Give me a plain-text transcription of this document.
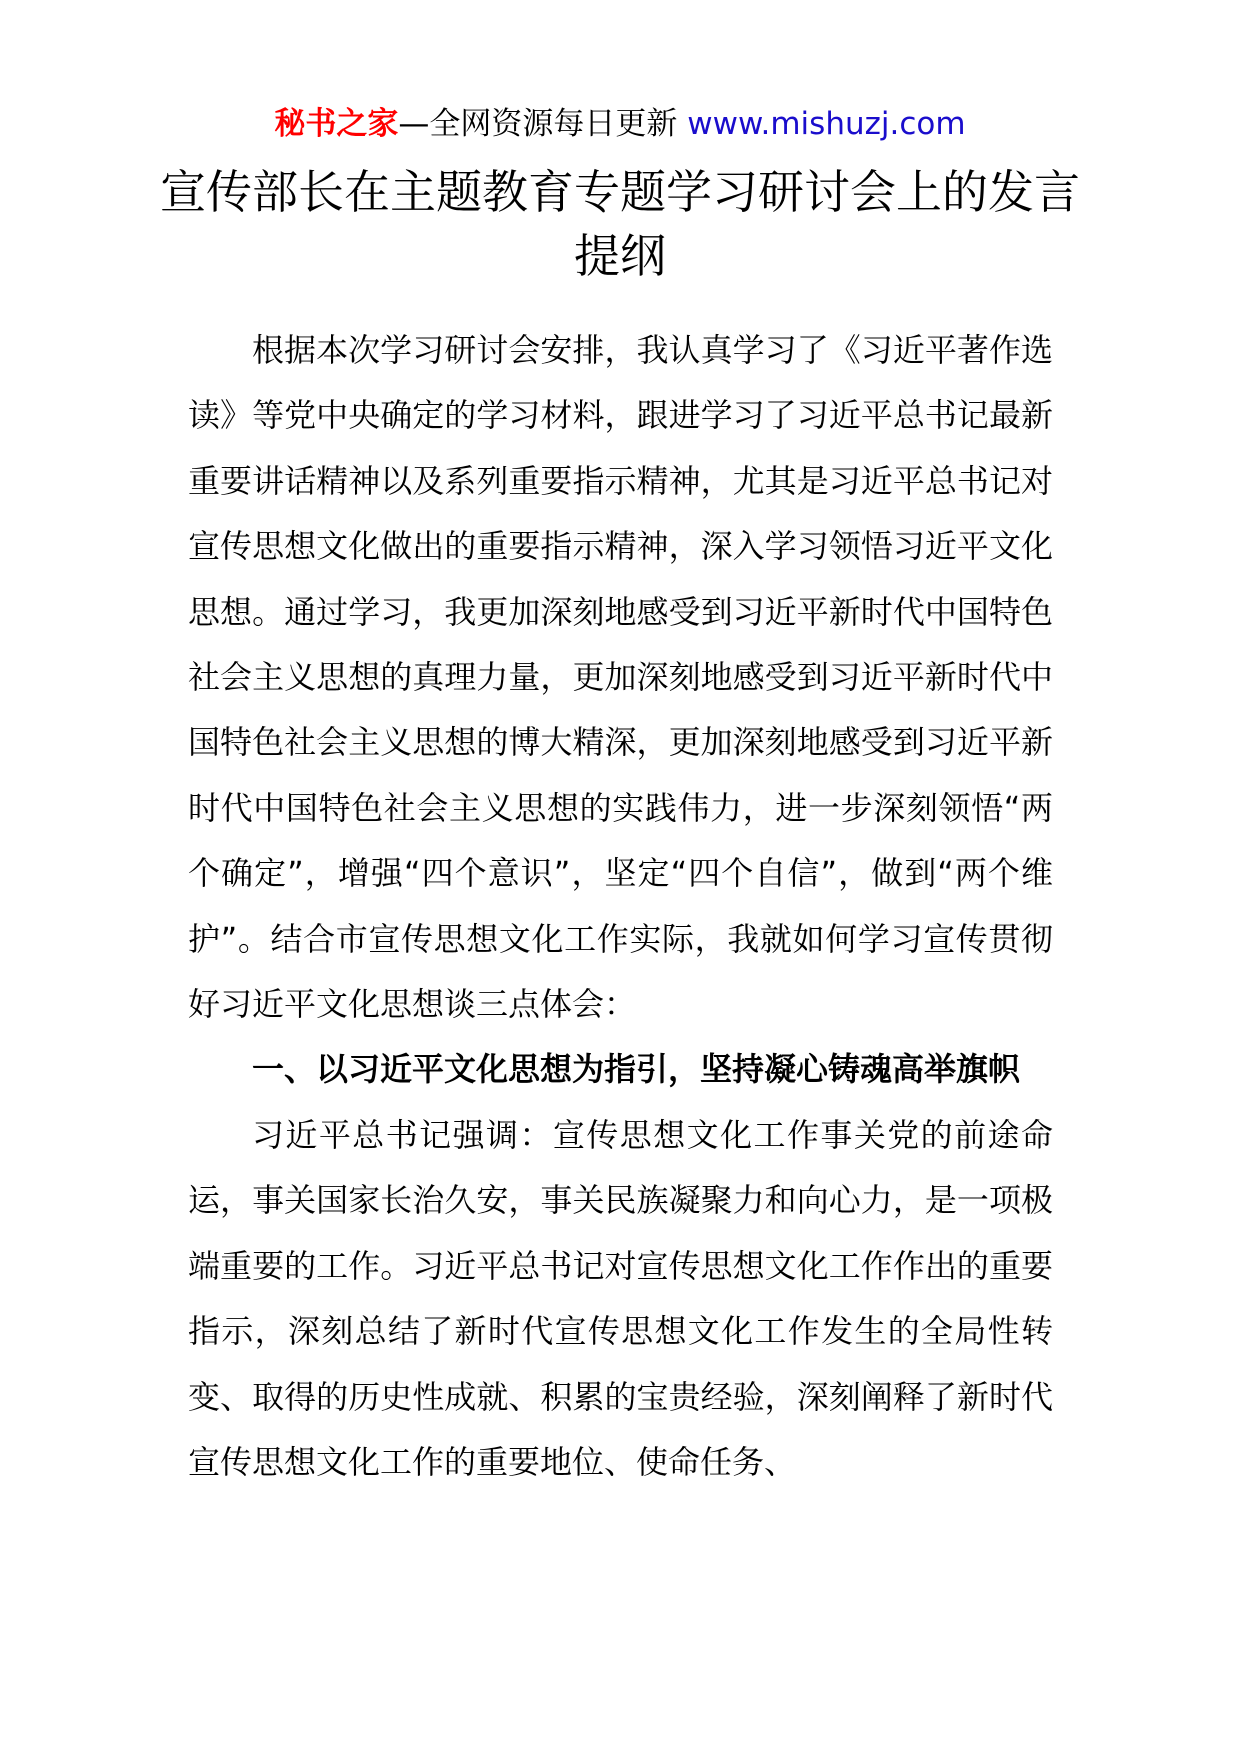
秘书之家—全网资源每日更新 www.mishuzj.com
宣传部长在主题教育专题学习研讨会上的发言提纲

根据本次学习研讨会安排，我认真学习了《习近平著作选读》等党中央确定的学习材料，跟进学习了习近平总书记最新重要讲话精神以及系列重要指示精神，尤其是习近平总书记对宣传思想文化做出的重要指示精神，深入学习领悟习近平文化思想。通过学习，我更加深刻地感受到习近平新时代中国特色社会主义思想的真理力量，更加深刻地感受到习近平新时代中国特色社会主义思想的博大精深，更加深刻地感受到习近平新时代中国特色社会主义思想的实践伟力，进一步深刻领悟“两个确定”，增强“四个意识”，坚定“四个自信”，做到“两个维护”。结合市宣传思想文化工作实际，我就如何学习宣传贯彻好习近平文化思想谈三点体会：

一、以习近平文化思想为指引，坚持凝心铸魂高举旗帜

习近平总书记强调：宣传思想文化工作事关党的前途命运，事关国家长治久安，事关民族凝聚力和向心力，是一项极端重要的工作。习近平总书记对宣传思想文化工作作出的重要指示，深刻总结了新时代宣传思想文化工作发生的全局性转变、取得的历史性成就、积累的宝贵经验，深刻阐释了新时代宣传思想文化工作的重要地位、使命任务、
